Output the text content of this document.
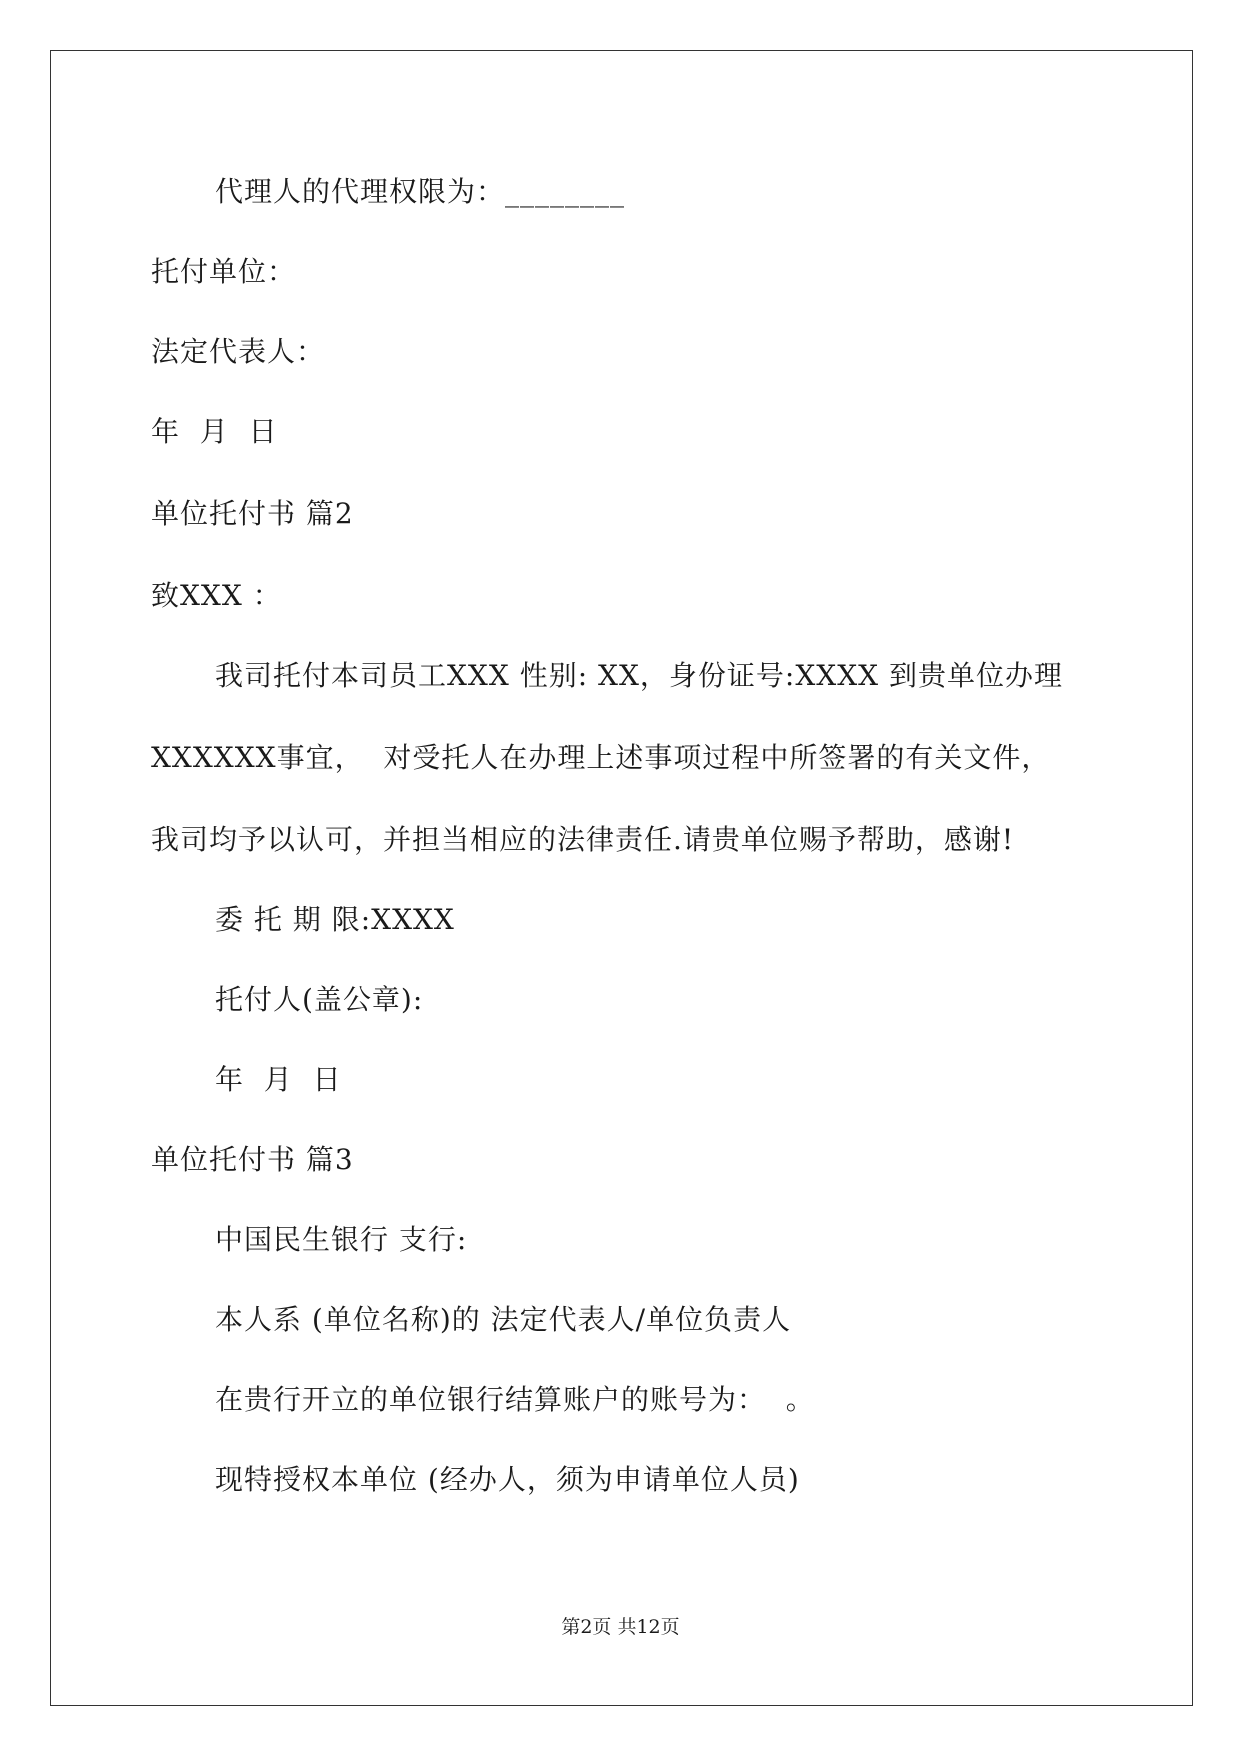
代理人的代理权限为：________
托付单位：
法定代表人：
年  月  日
单位托付书 篇2
致XXX ：
我司托付本司员工XXX 性别: XX，身份证号:XXXX 到贵单位办理
XXXXXX事宜，  对受托人在办理上述事项过程中所签署的有关文件，
我司均予以认可，并担当相应的法律责任.请贵单位赐予帮助，感谢!
委 托 期 限:XXXX
托付人(盖公章):
年  月  日
单位托付书 篇3
中国民生银行 支行:
本人系 (单位名称)的 法定代表人/单位负责人
在贵行开立的单位银行结算账户的账号为：  。
现特授权本单位 (经办人，须为申请单位人员)
第2页 共12页
